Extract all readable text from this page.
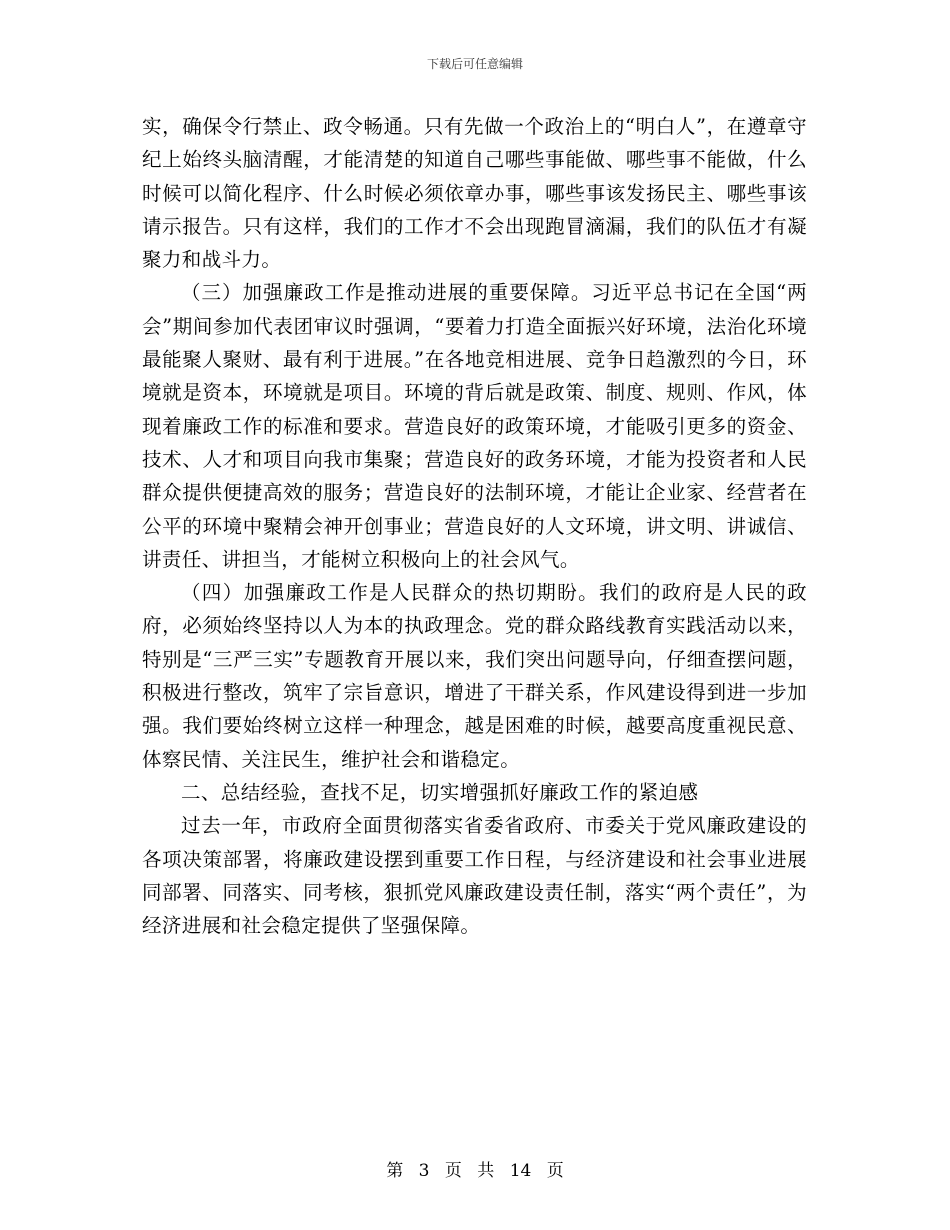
下载后可任意编辑

实，确保令行禁止、政令畅通。只有先做一个政治上的“明白人”，在遵章守纪上始终头脑清醒，才能清楚的知道自己哪些事能做、哪些事不能做，什么时候可以简化程序、什么时候必须依章办事，哪些事该发扬民主、哪些事该请示报告。只有这样，我们的工作才不会出现跑冒滴漏，我们的队伍才有凝聚力和战斗力。

（三）加强廉政工作是推动进展的重要保障。习近平总书记在全国“两会”期间参加代表团审议时强调，“要着力打造全面振兴好环境，法治化环境最能聚人聚财、最有利于进展。”在各地竞相进展、竞争日趋激烈的今日，环境就是资本，环境就是项目。环境的背后就是政策、制度、规则、作风，体现着廉政工作的标准和要求。营造良好的政策环境，才能吸引更多的资金、技术、人才和项目向我市集聚；营造良好的政务环境，才能为投资者和人民群众提供便捷高效的服务；营造良好的法制环境，才能让企业家、经营者在公平的环境中聚精会神开创事业；营造良好的人文环境，讲文明、讲诚信、讲责任、讲担当，才能树立积极向上的社会风气。

（四）加强廉政工作是人民群众的热切期盼。我们的政府是人民的政府，必须始终坚持以人为本的执政理念。党的群众路线教育实践活动以来，特别是“三严三实”专题教育开展以来，我们突出问题导向，仔细查摆问题，积极进行整改，筑牢了宗旨意识，增进了干群关系，作风建设得到进一步加强。我们要始终树立这样一种理念，越是困难的时候，越要高度重视民意、体察民情、关注民生，维护社会和谐稳定。

二、总结经验，查找不足，切实增强抓好廉政工作的紧迫感

过去一年，市政府全面贯彻落实省委省政府、市委关于党风廉政建设的各项决策部署，将廉政建设摆到重要工作日程，与经济建设和社会事业进展同部署、同落实、同考核，狠抓党风廉政建设责任制，落实“两个责任”，为经济进展和社会稳定提供了坚强保障。

第 3 页 共 14 页
